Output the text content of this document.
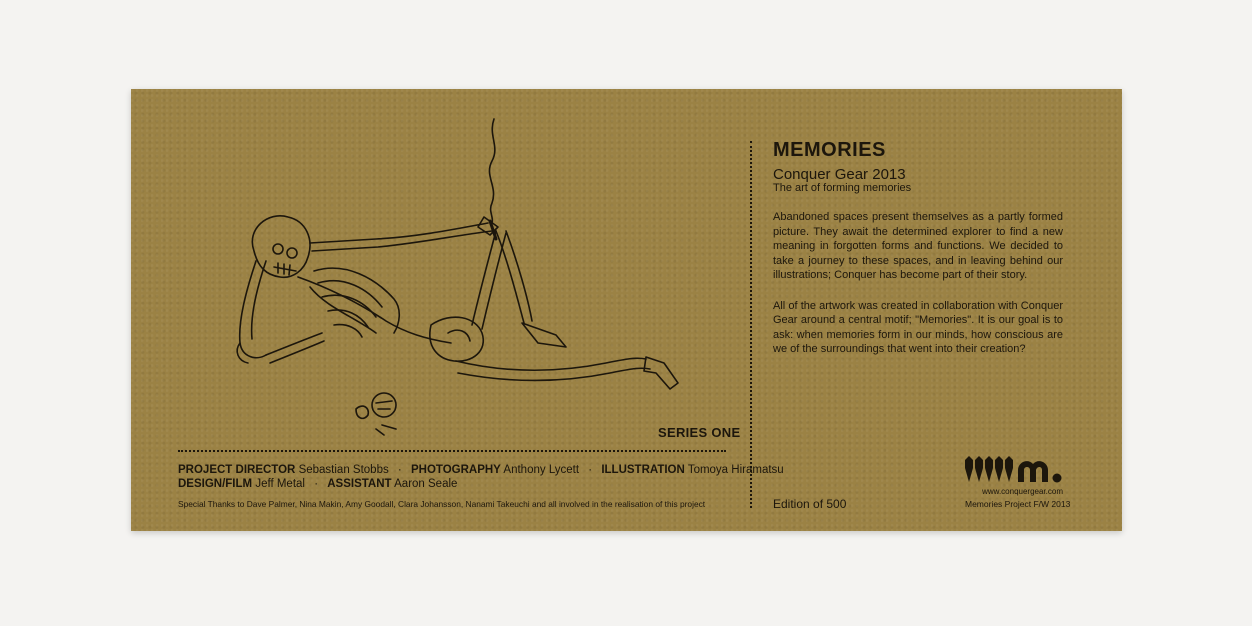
SERIES ONE
PROJECT DIRECTOR Sebastian Stobbs · PHOTOGRAPHY Anthony Lycett · ILLUSTRATION Tomoya Hiramatsu
DESIGN/FILM Jeff Metal · ASSISTANT Aaron Seale
Special Thanks to Dave Palmer, Nina Makin, Amy Goodall, Clara Johansson, Nanami Takeuchi and all involved in the realisation of this project
MEMORIES
Conquer Gear 2013
The art of forming memories
Abandoned spaces present themselves as a partly formed picture. They await the determined explorer to find a new meaning in forgotten forms and functions. We decided to take a journey to these spaces, and in leaving behind our illustrations; Conquer has become part of their story.
All of the artwork was created in collaboration with Conquer Gear around a central motif; "Memories". It is our goal is to ask: when memories form in our minds, how conscious are we of the surroundings that went into their creation?
Edition of 500
www.conquergear.com
Memories Project F/W 2013
